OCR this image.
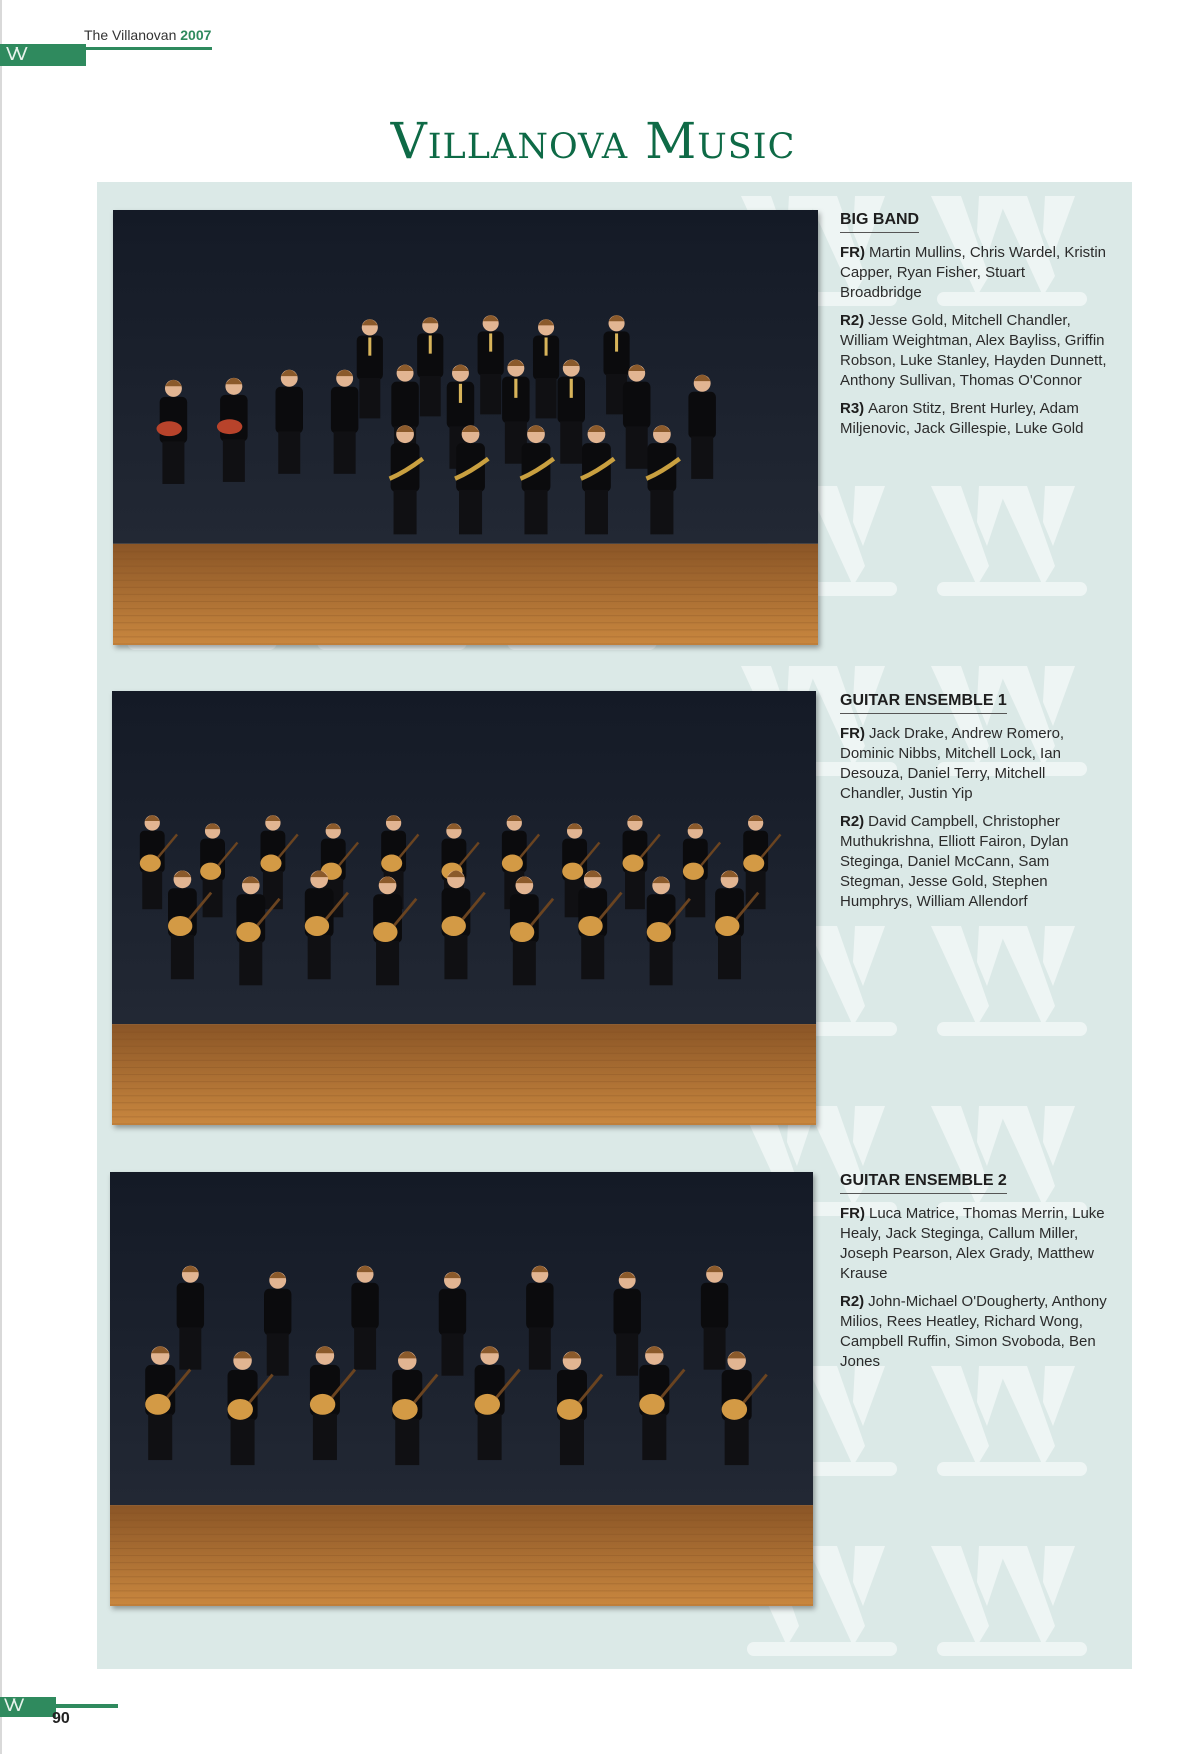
VV
The Villanovan 2007
Villanova Music
BIG BAND

FR) Martin Mullins, Chris Wardel, Kristin Capper, Ryan Fisher, Stuart Broadbridge

R2) Jesse Gold, Mitchell Chandler, William Weightman, Alex Bayliss, Griffin Robson, Luke Stanley, Hayden Dunnett, Anthony Sullivan, Thomas O'Connor

R3) Aaron Stitz, Brent Hurley, Adam Miljenovic, Jack Gillespie, Luke Gold

GUITAR ENSEMBLE 1

FR) Jack Drake, Andrew Romero, Dominic Nibbs, Mitchell Lock, Ian Desouza, Daniel Terry, Mitchell Chandler, Justin Yip

R2) David Campbell, Christopher Muthukrishna, Elliott Fairon, Dylan Steginga, Daniel McCann, Sam Stegman, Jesse Gold, Stephen Humphrys, William Allendorf

GUITAR ENSEMBLE 2

FR) Luca Matrice, Thomas Merrin, Luke Healy, Jack Steginga, Callum Miller, Joseph Pearson, Alex Grady, Matthew Krause

R2) John-Michael O'Dougherty, Anthony Milios, Rees Heatley, Richard Wong, Campbell Ruffin, Simon Svoboda, Ben Jones

VV
90
